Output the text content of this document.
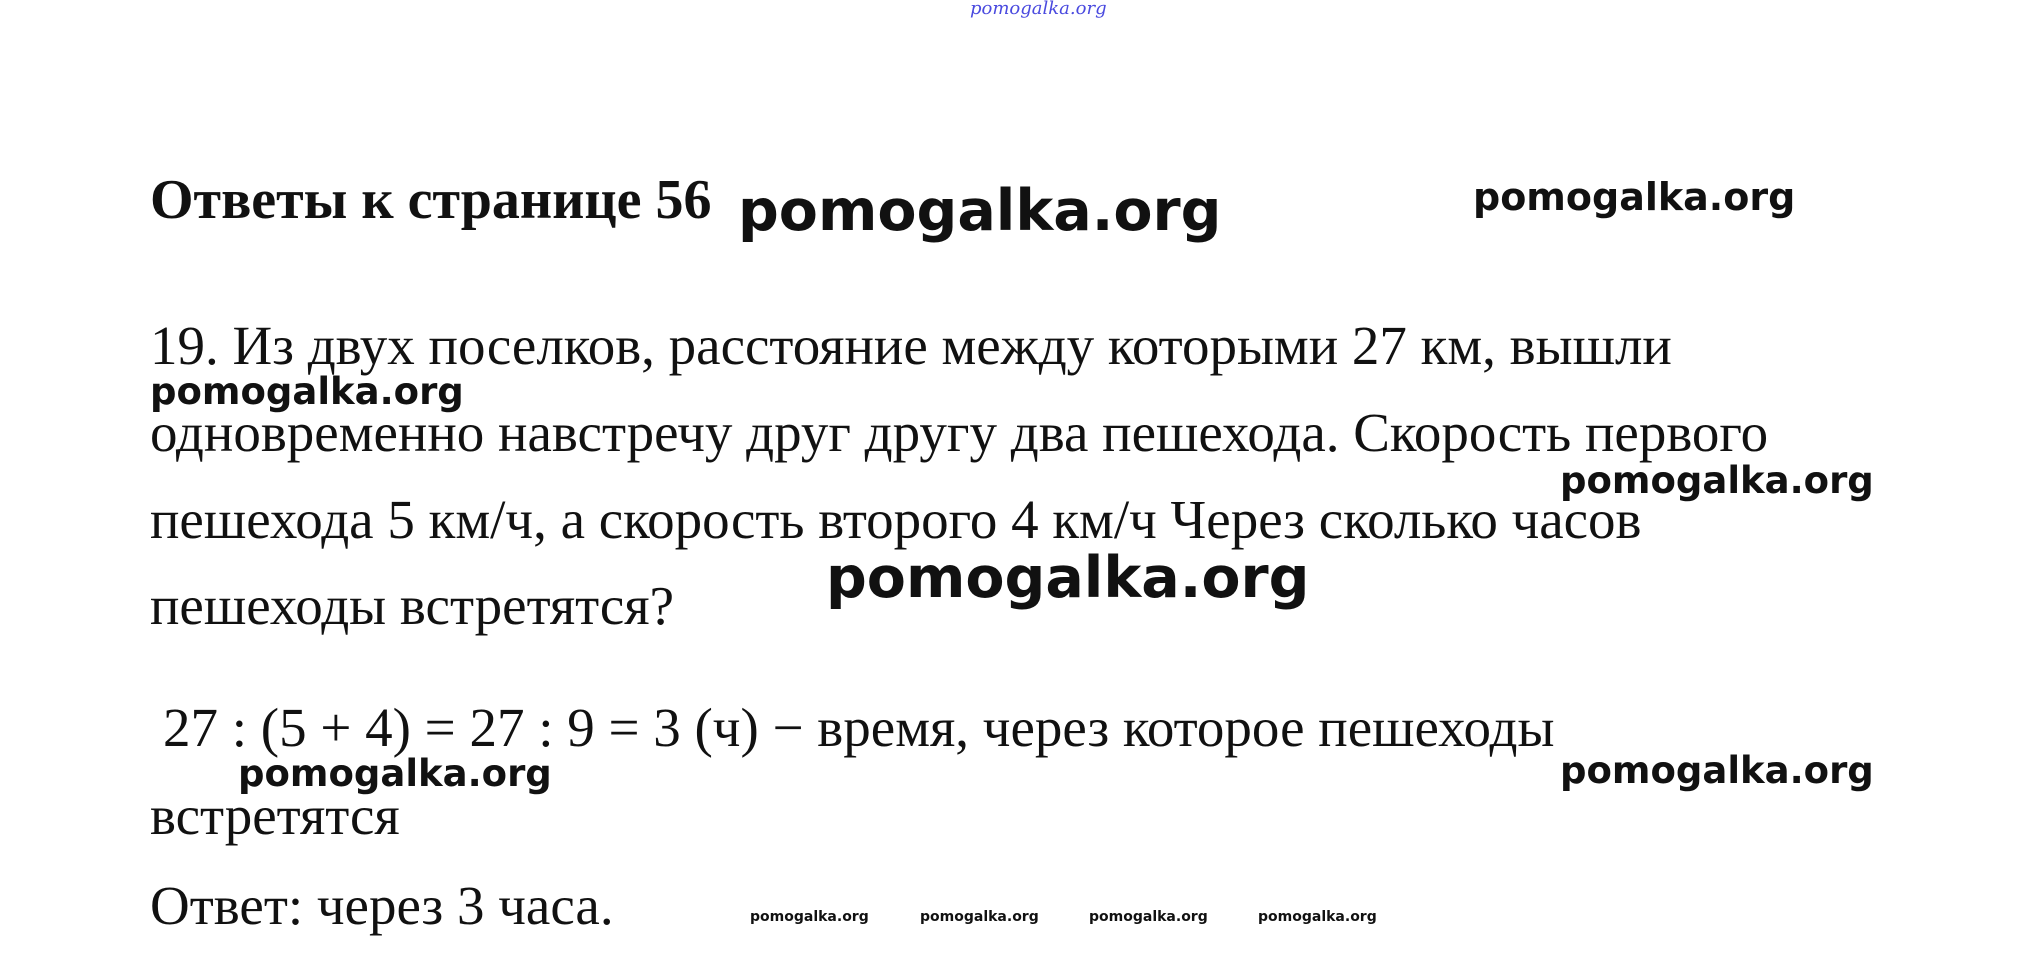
pomogalka.org
Ответы к странице 56
19. Из двух поселков, расстояние между которыми 27 км, вышли
одновременно навстречу друг другу два пешехода. Скорость первого
пешехода 5 км/ч, а скорость второго 4 км/ч Через сколько часов
пешеходы встретятся?
27 : (5 + 4) = 27 : 9 = 3 (ч) − время, через которое пешеходы
встретятся
Ответ: через 3 часа.
pomogalka.org	pomogalka.org
pomogalka.org
pomogalka.org
pomogalka.org
pomogalka.org	pomogalka.org
pomogalka.org	pomogalka.org	pomogalka.org	pomogalka.org
